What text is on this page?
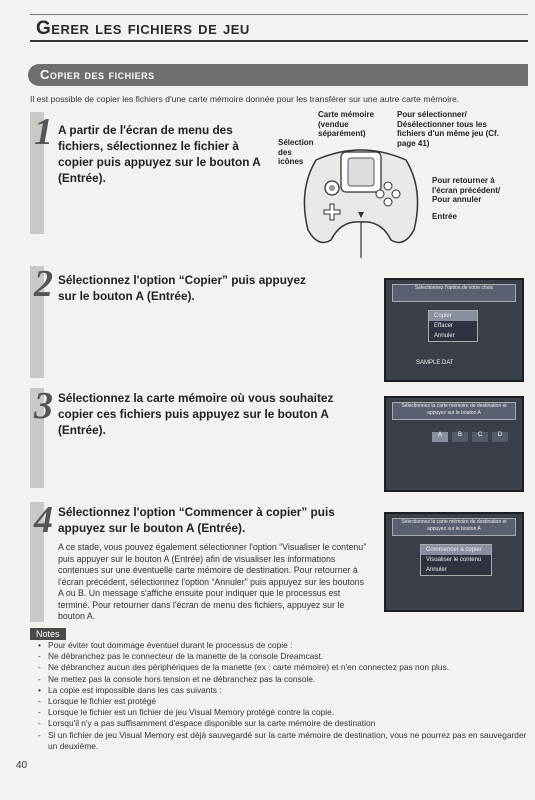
Gerer les fichiers de jeu
Copier des fichiers
Il est possible de copier les fichiers d'une carte mémoire donnée pour les transférer sur une autre carte mémoire.
1 A partir de l'écran de menu des fichiers, sélectionnez le fichier à copier puis appuyez sur le bouton A (Entrée).
Carte mémoire (vendue séparément)
Pour sélectionner/ Désélectionner tous les fichiers d'un même jeu (Cf. page 41)
Sélection des icônes
Pour retourner à l'écran précédent/ Pour annuler
Entrée
2 Sélectionnez l'option “Copier” puis appuyez sur le bouton A (Entrée).
Sélectionnez l'option de votre choix
Copier
Effacer
Annuler
SAMPLE.DAT
3 Sélectionnez la carte mémoire où vous souhaitez copier ces fichiers puis appuyez sur le bouton A (Entrée).
Sélectionnez la carte mémoire de destination et appuyez sur le bouton A
A	B	C	D
4 Sélectionnez l'option “Commencer à copier” puis appuyez sur le bouton A (Entrée).
A ce stade, vous pouvez également sélectionner l'option “Visualiser le contenu” puis appuyer sur le bouton A (Entrée) afin de visualiser les informations contenues sur une éventuelle carte mémoire de destination. Pour retourner à l'écran précédent, sélectionnez l'option “Annuler” puis appuyez sur les boutons A ou B. Un message s'affiche ensuite pour indiquer que le processus est terminé. Pour retourner dans l'écran de menu des fichiers, appuyez sur le bouton A.
Sélectionnez la carte mémoire de destination et appuyez sur le bouton A
Commencer à copier
Visualiser le contenu
Annuler
Notes
• Pour éviter tout dommage éventuel durant le processus de copie :
- Ne débranchez pas le connecteur de la manette de la console Dreamcast.
- Ne débranchez aucun des périphériques de la manette (ex : carte mémoire) et n'en connectez pas non plus.
- Ne mettez pas la console hors tension et ne débranchez pas la console.
• La copie est impossible dans les cas suivants :
- Lorsque le fichier est protégé
- Lorsque le fichier est un fichier de jeu Visual Memory protégé contre la copie.
- Lorsqu'il n'y a pas suffisamment d'espace disponible sur la carte mémoire de destination
- Si un fichier de jeu Visual Memory est déjà sauvegardé sur la carte mémoire de destination, vous ne pourrez pas en sauvegarder un deuxième.
40
